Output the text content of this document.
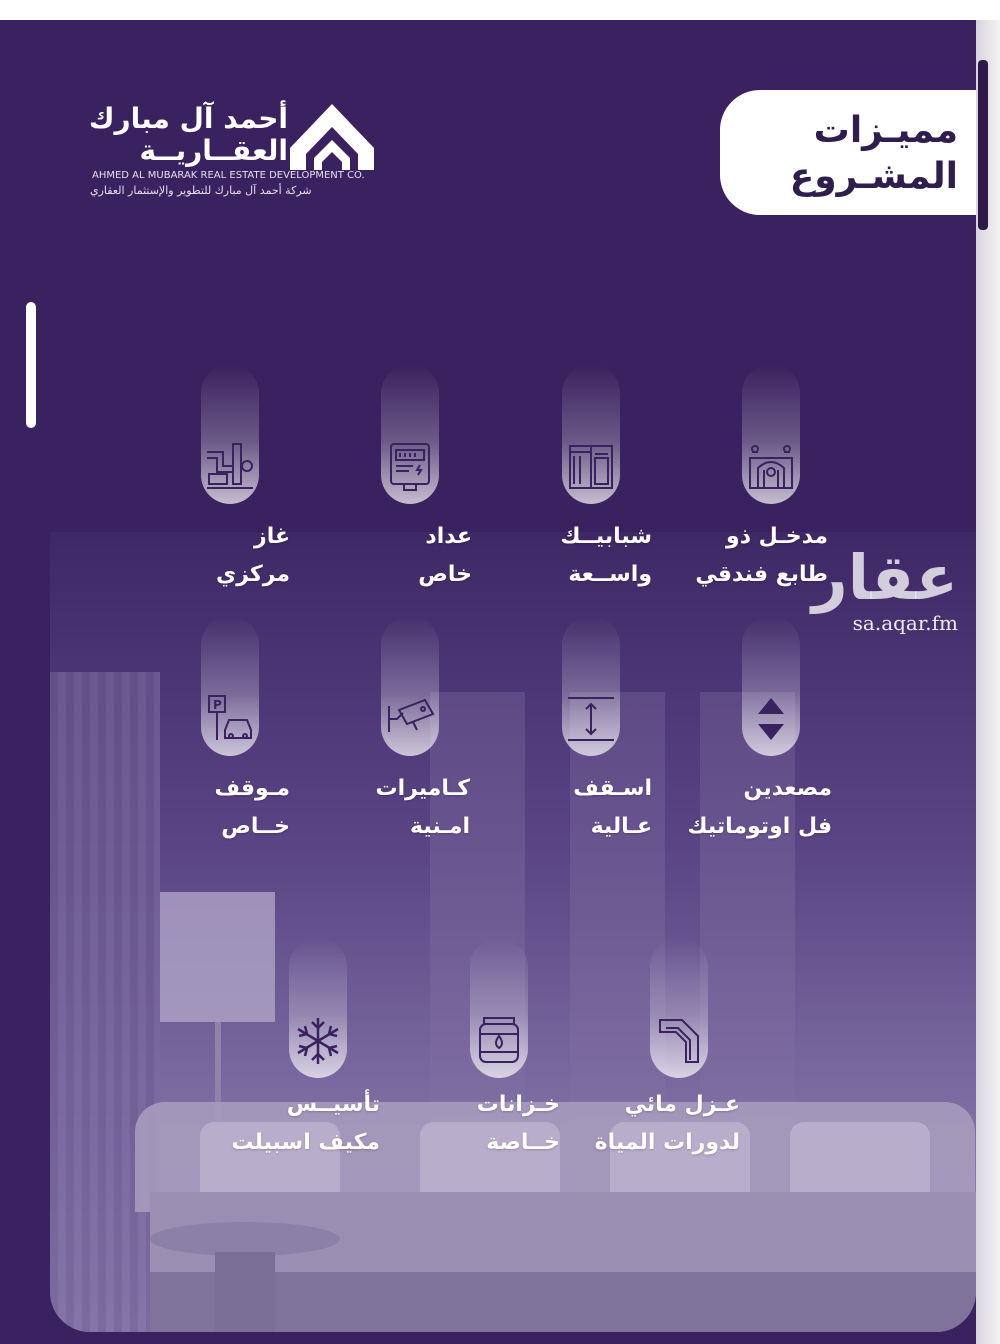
أحمد آل مبارك
العقــاريــة
AHMED AL MUBARAK REAL ESTATE DEVELOPMENT CO.
شركة أحمد آل مبارك للتطوير والإستثمار العقاري
مميـزات
المشـروع
P
مدخـل ذو
طابع فندقي
شبابيــك
واســعة
عداد
خاص
غاز
مركزي
مصعدين
فل اوتوماتيك
اسـقف
عـالية
كـاميرات
امـنية
مـوقف
خــاص
عـزل مائي
لدورات المياة
خـزانات
خــاصة
تأسيــس
مكيف اسبيلت
عقار
sa.aqar.fm
